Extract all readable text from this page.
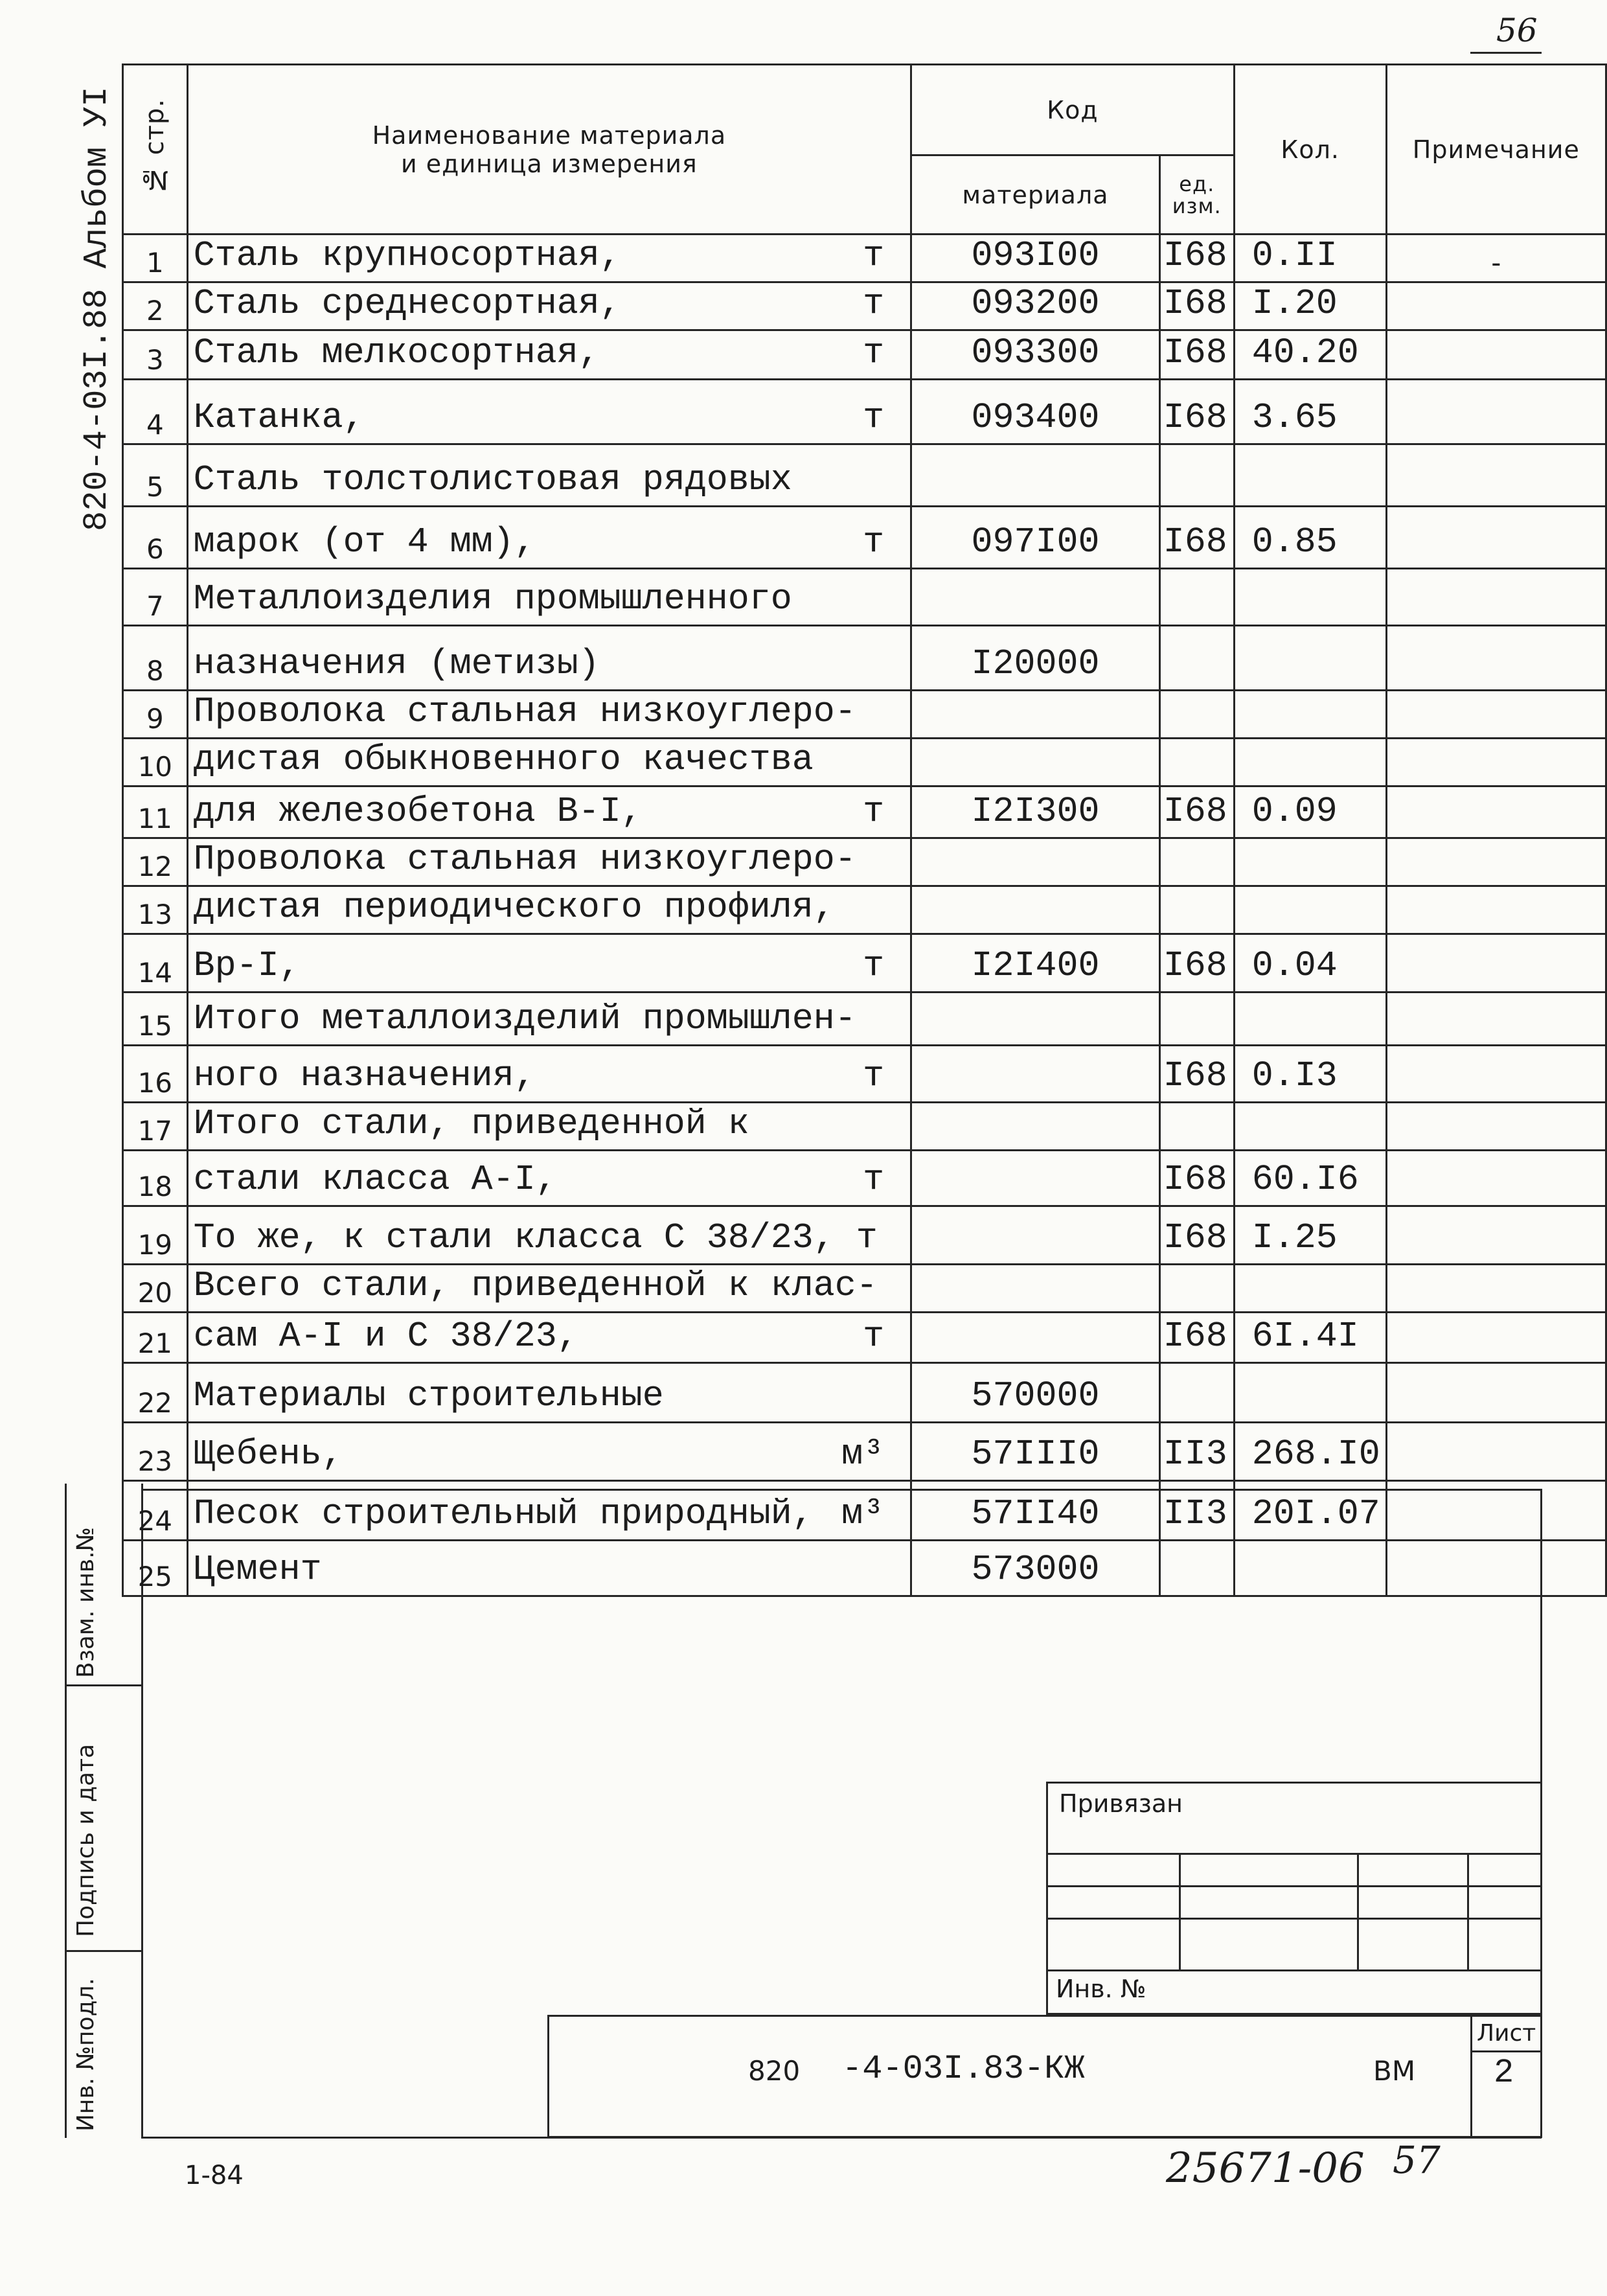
56
820-4-03I.88 Альбом УI
Взам. инв.№
Подпись и дата
Инв. №подл.
№ стр.	Наименование материала
и единица измерения	Код		Кол.	Примечание
		материала	ед.
изм.		

1	Сталь крупносортная, т	093I00	I68	0.II	-
2	Сталь среднесортная, т	093200	I68	I.20	
3	Сталь мелкосортная, т	093300	I68	40.20	
4	Катанка, т	093400	I68	3.65	
5	Сталь толстолистовая рядовых

6	марок (от 4 мм), т	097I00	I68	0.85	
7	Металлоизделия промышленного

8	назначения (метизы)	I20000			
9	Проволока стальная низкоуглеро-

10	дистая обыкновенного качества

11	для железобетона В-I, т	I2I300	I68	0.09	
12	Проволока стальная низкоуглеро-

13	дистая периодического профиля,

14	Вр-I, т	I2I400	I68	0.04	
15	Итого металлоизделий промышлен-

16	ного назначения, т		I68	0.I3	
17	Итого стали, приведенной к

18	стали класса А-I, т		I68	60.I6	
19	То же, к стали класса С 38/23, т		I68	I.25	
20	Всего стали, приведенной к клас-

21	сам А-I и С 38/23, т		I68	6I.4I	
22	Материалы строительные	570000			
23	Щебень, м³	57III0	II3	268.I0	
24	Песок строительный природный, м³	57II40	II3	20I.07	
25	Цемент	573000			
Привязан
Инв. №
820 -4-03I.83-КЖ	ВМ
Лист
2
1-84	25671-06 57
